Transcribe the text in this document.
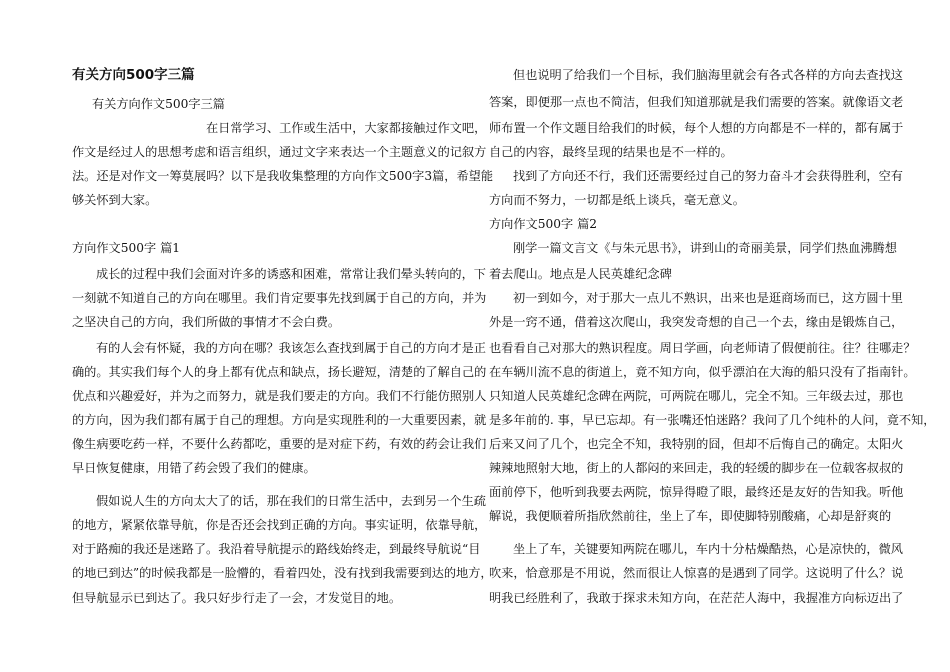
有关方向500字三篇
有关方向作文500字三篇
在日常学习、工作或生活中，大家都接触过作文吧，
作文是经过人的思想考虑和语言组织，通过文字来表达一个主题意义的记叙方
法。还是对作文一筹莫展吗？以下是我收集整理的方向作文500字3篇，希望能
够关怀到大家。
方向作文500字 篇1
成长的过程中我们会面对许多的诱惑和困难，常常让我们晕头转向的，下
一刻就不知道自己的方向在哪里。我们肯定要事先找到属于自己的方向，并为
之坚决自己的方向，我们所做的事情才不会白费。
有的人会有怀疑，我的方向在哪？我该怎么查找到属于自己的方向才是正
确的。其实我们每个人的身上都有优点和缺点，扬长避短，清楚的了解自己的
优点和兴趣爱好，并为之而努力，就是我们要走的方向。我们不行能仿照别人
的方向，因为我们都有属于自己的理想。方向是实现胜利的一大重要因素，就
像生病要吃药一样，不要什么药都吃，重要的是对症下药，有效的药会让我们
早日恢复健康，用错了药会毁了我们的健康。
假如说人生的方向太大了的话，那在我们的日常生活中，去到另一个生疏
的地方，紧紧依靠导航，你是否还会找到正确的方向。事实证明，依靠导航，
对于路痴的我还是迷路了。我沿着导航提示的路线始终走，到最终导航说“目
的地已到达”的时候我都是一脸懵的，看着四处，没有找到我需要到达的地方，
但导航显示已到达了。我只好步行走了一会，才发觉目的地。
但也说明了给我们一个目标，我们脑海里就会有各式各样的方向去查找这
答案，即便那一点也不简洁，但我们知道那就是我们需要的答案。就像语文老
师布置一个作文题目给我们的时候，每个人想的方向都是不一样的，都有属于
自己的内容，最终呈现的结果也是不一样的。
找到了方向还不行，我们还需要经过自己的努力奋斗才会获得胜利，空有
方向而不努力，一切都是纸上谈兵，毫无意义。
方向作文500字 篇2
刚学一篇文言文《与朱元思书》，讲到山的奇丽美景，同学们热血沸腾想
着去爬山。地点是人民英雄纪念碑
初一到如今，对于那大一点儿不熟识，出来也是逛商场而已，这方圆十里
外是一窍不通，借着这次爬山，我突发奇想的自己一个去，缘由是锻炼自己，
也看看自己对那大的熟识程度。周日学画，向老师请了假便前往。往？往哪走？
在车辆川流不息的街道上，竟不知方向，似乎漂泊在大海的船只没有了指南针。
只知道人民英雄纪念碑在两院，可两院在哪儿，完全不知。三年级去过，那也
是多年前的. 事，早已忘却。有一张嘴还怕迷路？我问了几个纯朴的人问，竟不知，
后来又问了几个，也完全不知，我特别的囧，但却不后悔自己的确定。太阳火
辣辣地照射大地，街上的人都闷的来回走，我的轻缓的脚步在一位载客叔叔的
面前停下，他听到我要去两院，惊异得瞪了眼，最终还是友好的告知我。听他
解说，我便顺着所指欣然前往，坐上了车，即使脚特别酸痛，心却是舒爽的
坐上了车，关键要知两院在哪儿，车内十分枯燥酷热，心是凉快的，微风
吹来，恰意那是不用说，然而很让人惊喜的是遇到了同学。这说明了什么？说
明我已经胜利了，我敢于探求未知方向，在茫茫人海中，我握准方向标迈出了
